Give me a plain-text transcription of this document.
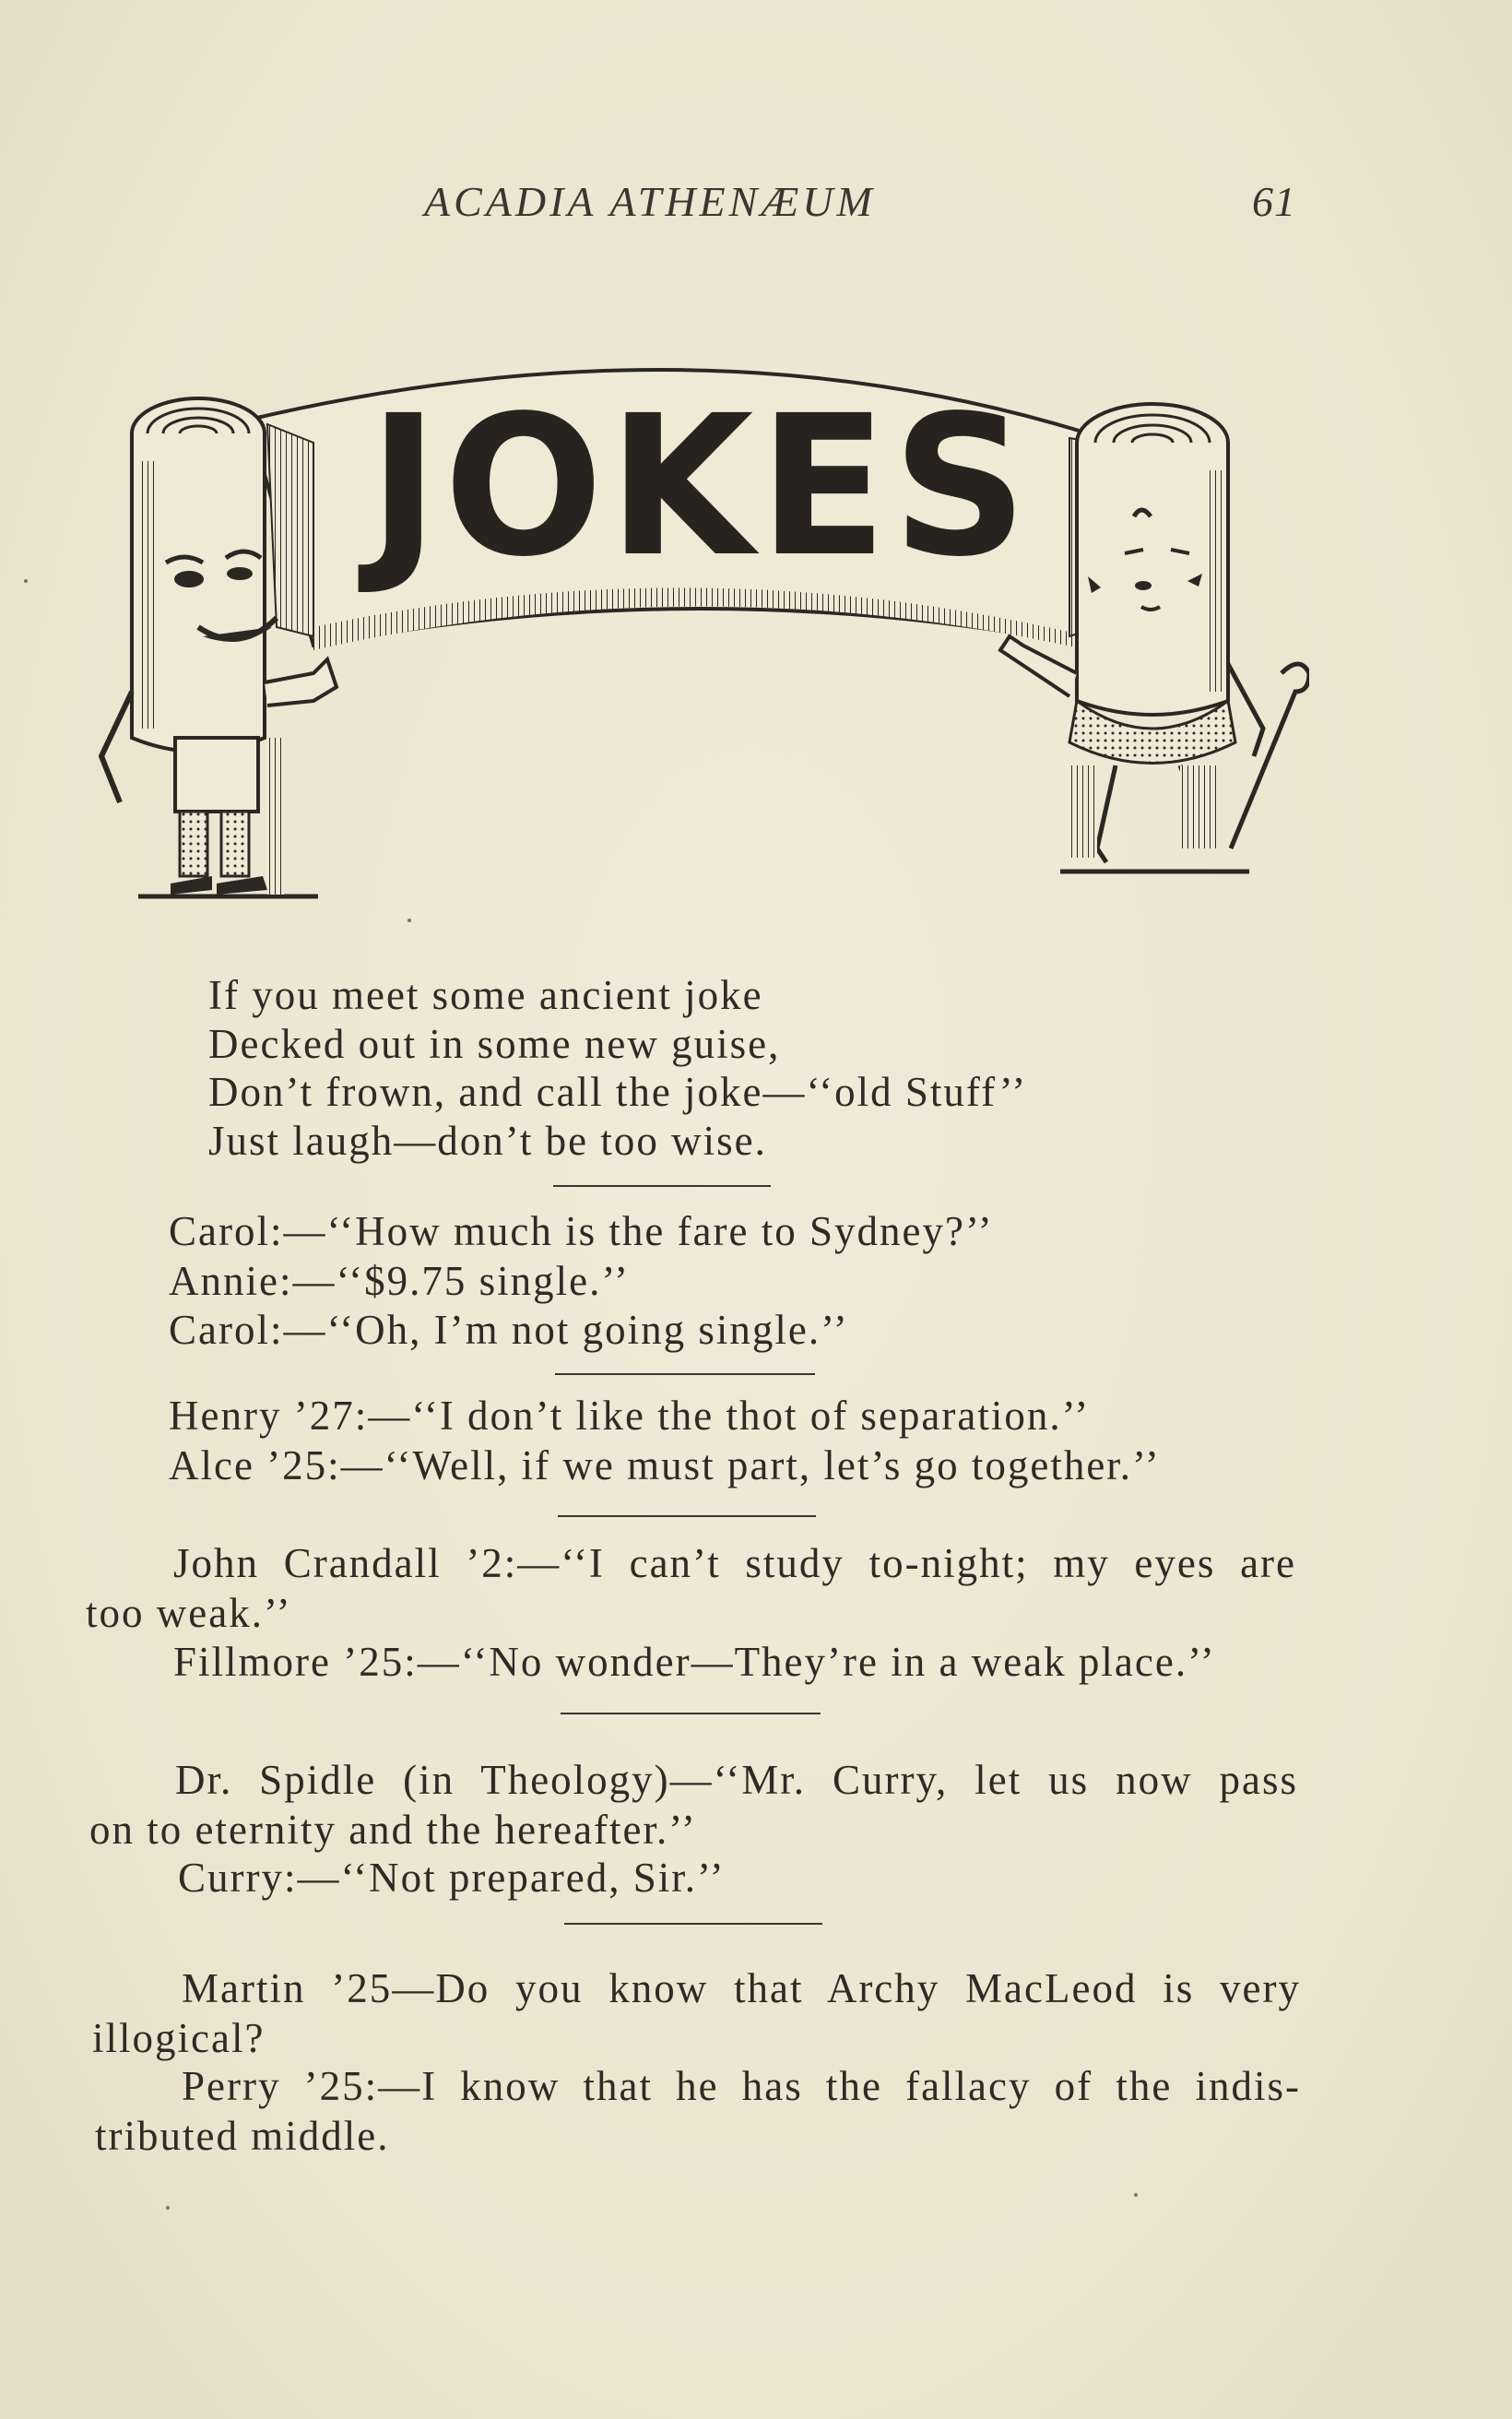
ACADIA ATHENÆUM	61
JOKES
If you meet some ancient joke
Decked out in some new guise,
Don’t frown, and call the joke—‘‘old Stuff’’
Just laugh—don’t be too wise.
Carol:—‘‘How much is the fare to Sydney?’’
Annie:—‘‘$9.75 single.’’
Carol:—‘‘Oh, I’m not going single.’’
Henry ’27:—‘‘I don’t like the thot of separation.’’
Alce ’25:—‘‘Well, if we must part, let’s go together.’’
John Crandall ’2:—‘‘I can’t study to-night; my eyes are
too weak.’’
Fillmore ’25:—‘‘No wonder—They’re in a weak place.’’
Dr. Spidle (in Theology)—‘‘Mr. Curry, let us now pass
on to eternity and the hereafter.’’
Curry:—‘‘Not prepared, Sir.’’
Martin ’25—Do you know that Archy MacLeod is very
illogical?
Perry ’25:—I know that he has the fallacy of the indis-
tributed middle.
